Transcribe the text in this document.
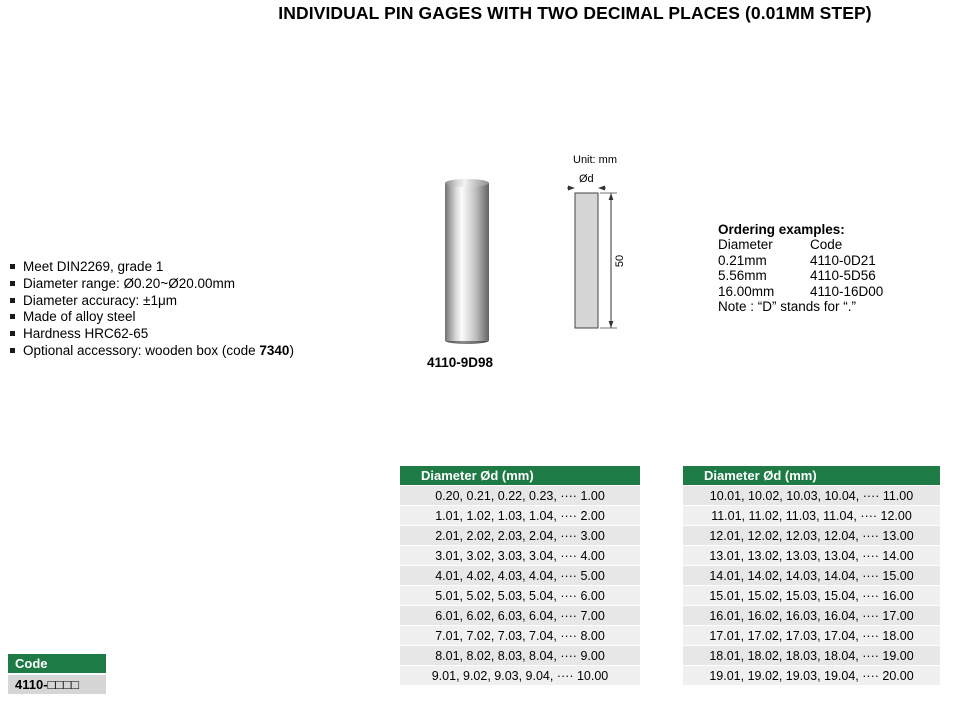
INDIVIDUAL PIN GAGES WITH TWO DECIMAL PLACES (0.01MM STEP)
Meet DIN2269, grade 1
Diameter range: Ø0.20~Ø20.00mm
Diameter accuracy: ±1μm
Made of alloy steel
Hardness HRC62-65
Optional accessory: wooden box (code 7340)
4110-9D98
Unit: mm
Ød
50
Ordering examples:
Diameter	Code
0.21mm	4110-0D21
5.56mm	4110-5D56
16.00mm	4110-16D00
Note : “D” stands for “.”
Diameter Ød (mm)
0.20, 0.21, 0.22, 0.23, ···· 1.00
1.01, 1.02, 1.03, 1.04, ···· 2.00
2.01, 2.02, 2.03, 2.04, ···· 3.00
3.01, 3.02, 3.03, 3.04, ···· 4.00
4.01, 4.02, 4.03, 4.04, ···· 5.00
5.01, 5.02, 5.03, 5.04, ···· 6.00
6.01, 6.02, 6.03, 6.04, ···· 7.00
7.01, 7.02, 7.03, 7.04, ···· 8.00
8.01, 8.02, 8.03, 8.04, ···· 9.00
9.01, 9.02, 9.03, 9.04, ···· 10.00
Diameter Ød (mm)
10.01, 10.02, 10.03, 10.04, ···· 11.00
11.01, 11.02, 11.03, 11.04, ···· 12.00
12.01, 12.02, 12.03, 12.04, ···· 13.00
13.01, 13.02, 13.03, 13.04, ···· 14.00
14.01, 14.02, 14.03, 14.04, ···· 15.00
15.01, 15.02, 15.03, 15.04, ···· 16.00
16.01, 16.02, 16.03, 16.04, ···· 17.00
17.01, 17.02, 17.03, 17.04, ···· 18.00
18.01, 18.02, 18.03, 18.04, ···· 19.00
19.01, 19.02, 19.03, 19.04, ···· 20.00
Code
4110-□□□□
